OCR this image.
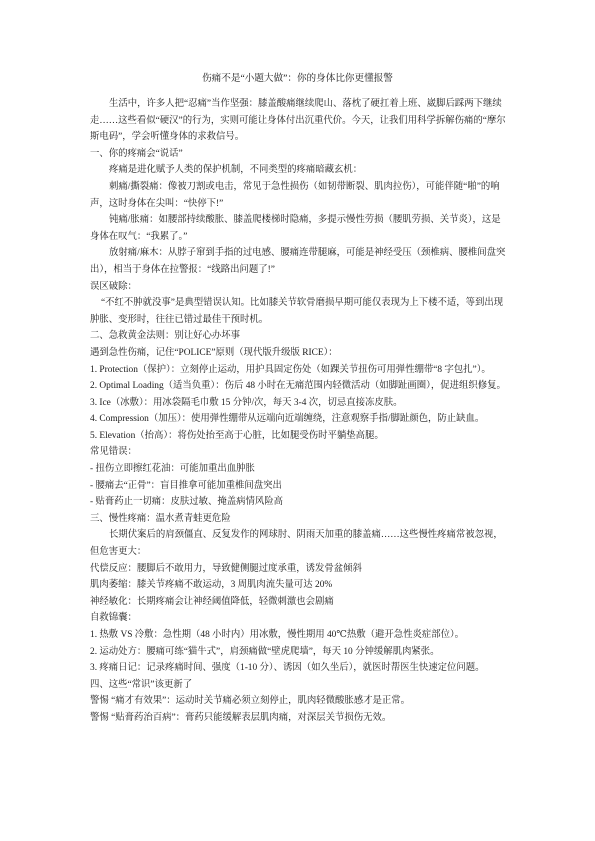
伤痛不是“小题大做”：你的身体比你更懂报警

生活中，许多人把“忍痛”当作坚强：膝盖酸痛继续爬山、落枕了硬扛着上班、崴脚后踩两下继续走……这些看似“硬汉”的行为，实则可能让身体付出沉重代价。今天，让我们用科学拆解伤痛的“摩尔斯电码”，学会听懂身体的求救信号。

一、你的疼痛会“说话”

疼痛是进化赋予人类的保护机制，不同类型的疼痛暗藏玄机：

刺痛/撕裂痛：像被刀割或电击，常见于急性损伤（如韧带断裂、肌肉拉伤），可能伴随“啪”的响声，这时身体在尖叫：“快停下!”

钝痛/胀痛：如腰部持续酸胀、膝盖爬楼梯时隐痛，多提示慢性劳损（腰肌劳损、关节炎），这是身体在叹气：“我累了。”

放射痛/麻木：从脖子窜到手指的过电感、腰痛连带腿麻，可能是神经受压（颈椎病、腰椎间盘突出），相当于身体在拉警报：“线路出问题了!”

误区破除：

“不红不肿就没事”是典型错误认知。比如膝关节软骨磨损早期可能仅表现为上下楼不适，等到出现肿胀、变形时，往往已错过最佳干预时机。

二、急救黄金法则：别让好心办坏事

遇到急性伤痛，记住“POLICE”原则（现代版升级版 RICE）：

1. Protection（保护）：立刻停止运动，用护具固定伤处（如踝关节扭伤可用弹性绷带“8 字包扎”）。

2. Optimal Loading（适当负重）：伤后 48 小时在无痛范围内轻微活动（如脚趾画圈），促进组织修复。

3. Ice（冰敷）：用冰袋隔毛巾敷 15 分钟/次，每天 3-4 次，切忌直接冻皮肤。

4. Compression（加压）：使用弹性绷带从远端向近端缠绕，注意观察手指/脚趾颜色，防止缺血。

5. Elevation（抬高）：将伤处抬至高于心脏，比如腿受伤时平躺垫高腿。

常见错误：

- 扭伤立即擦红花油：可能加重出血肿胀

- 腰痛去“正骨”：盲目推拿可能加重椎间盘突出

- 贴膏药止一切痛：皮肤过敏、掩盖病情风险高

三、慢性疼痛：温水煮青蛙更危险

长期伏案后的肩颈僵直、反复发作的网球肘、阴雨天加重的膝盖痛……这些慢性疼痛常被忽视，但危害更大：

代偿反应：腰脚后不敢用力，导致健侧腿过度承重，诱发骨盆倾斜

肌肉萎缩：膝关节疼痛不敢运动，3 周肌肉流失量可达 20%

神经敏化：长期疼痛会让神经阈值降低，轻微刺激也会剧痛

自救锦囊：

1. 热敷 VS 冷敷：急性期（48 小时内）用冰敷，慢性期用 40℃热敷（避开急性炎症部位）。

2. 运动处方：腰痛可练“猫牛式”，肩颈痛做“壁虎爬墙”，每天 10 分钟缓解肌肉紧张。

3. 疼痛日记：记录疼痛时间、强度（1-10 分）、诱因（如久坐后），就医时帮医生快速定位问题。

四、这些“常识”该更新了

警惕 “痛才有效果”：运动时关节痛必须立刻停止，肌肉轻微酸胀感才是正常。

警惕 “贴膏药治百病”：膏药只能缓解表层肌肉痛，对深层关节损伤无效。
